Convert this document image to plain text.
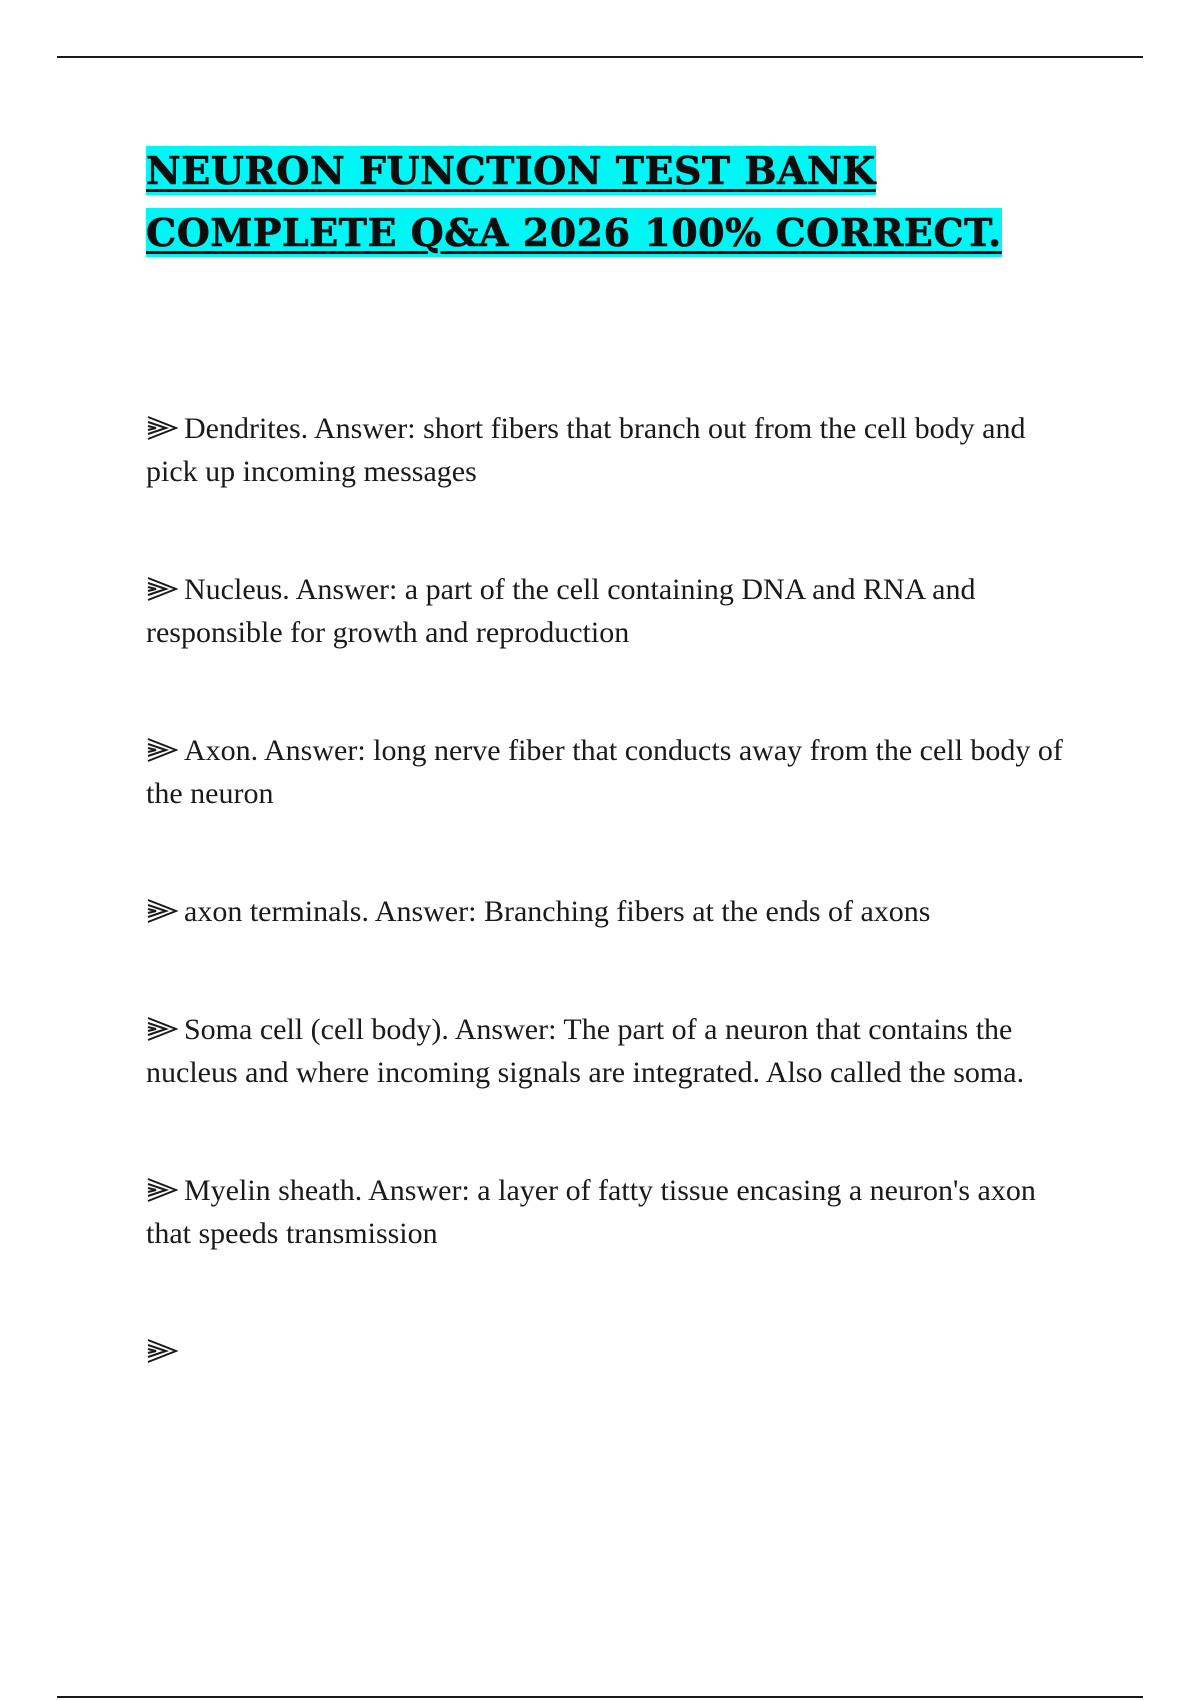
NEURON FUNCTION TEST BANK COMPLETE Q&A 2026 100% CORRECT.
Dendrites. Answer: short fibers that branch out from the cell body and pick up incoming messages
Nucleus. Answer: a part of the cell containing DNA and RNA and responsible for growth and reproduction
Axon. Answer: long nerve fiber that conducts away from the cell body of the neuron
axon terminals. Answer: Branching fibers at the ends of axons
Soma cell (cell body). Answer: The part of a neuron that contains the nucleus and where incoming signals are integrated. Also called the soma.
Myelin sheath. Answer: a layer of fatty tissue encasing a neuron's axon that speeds transmission
